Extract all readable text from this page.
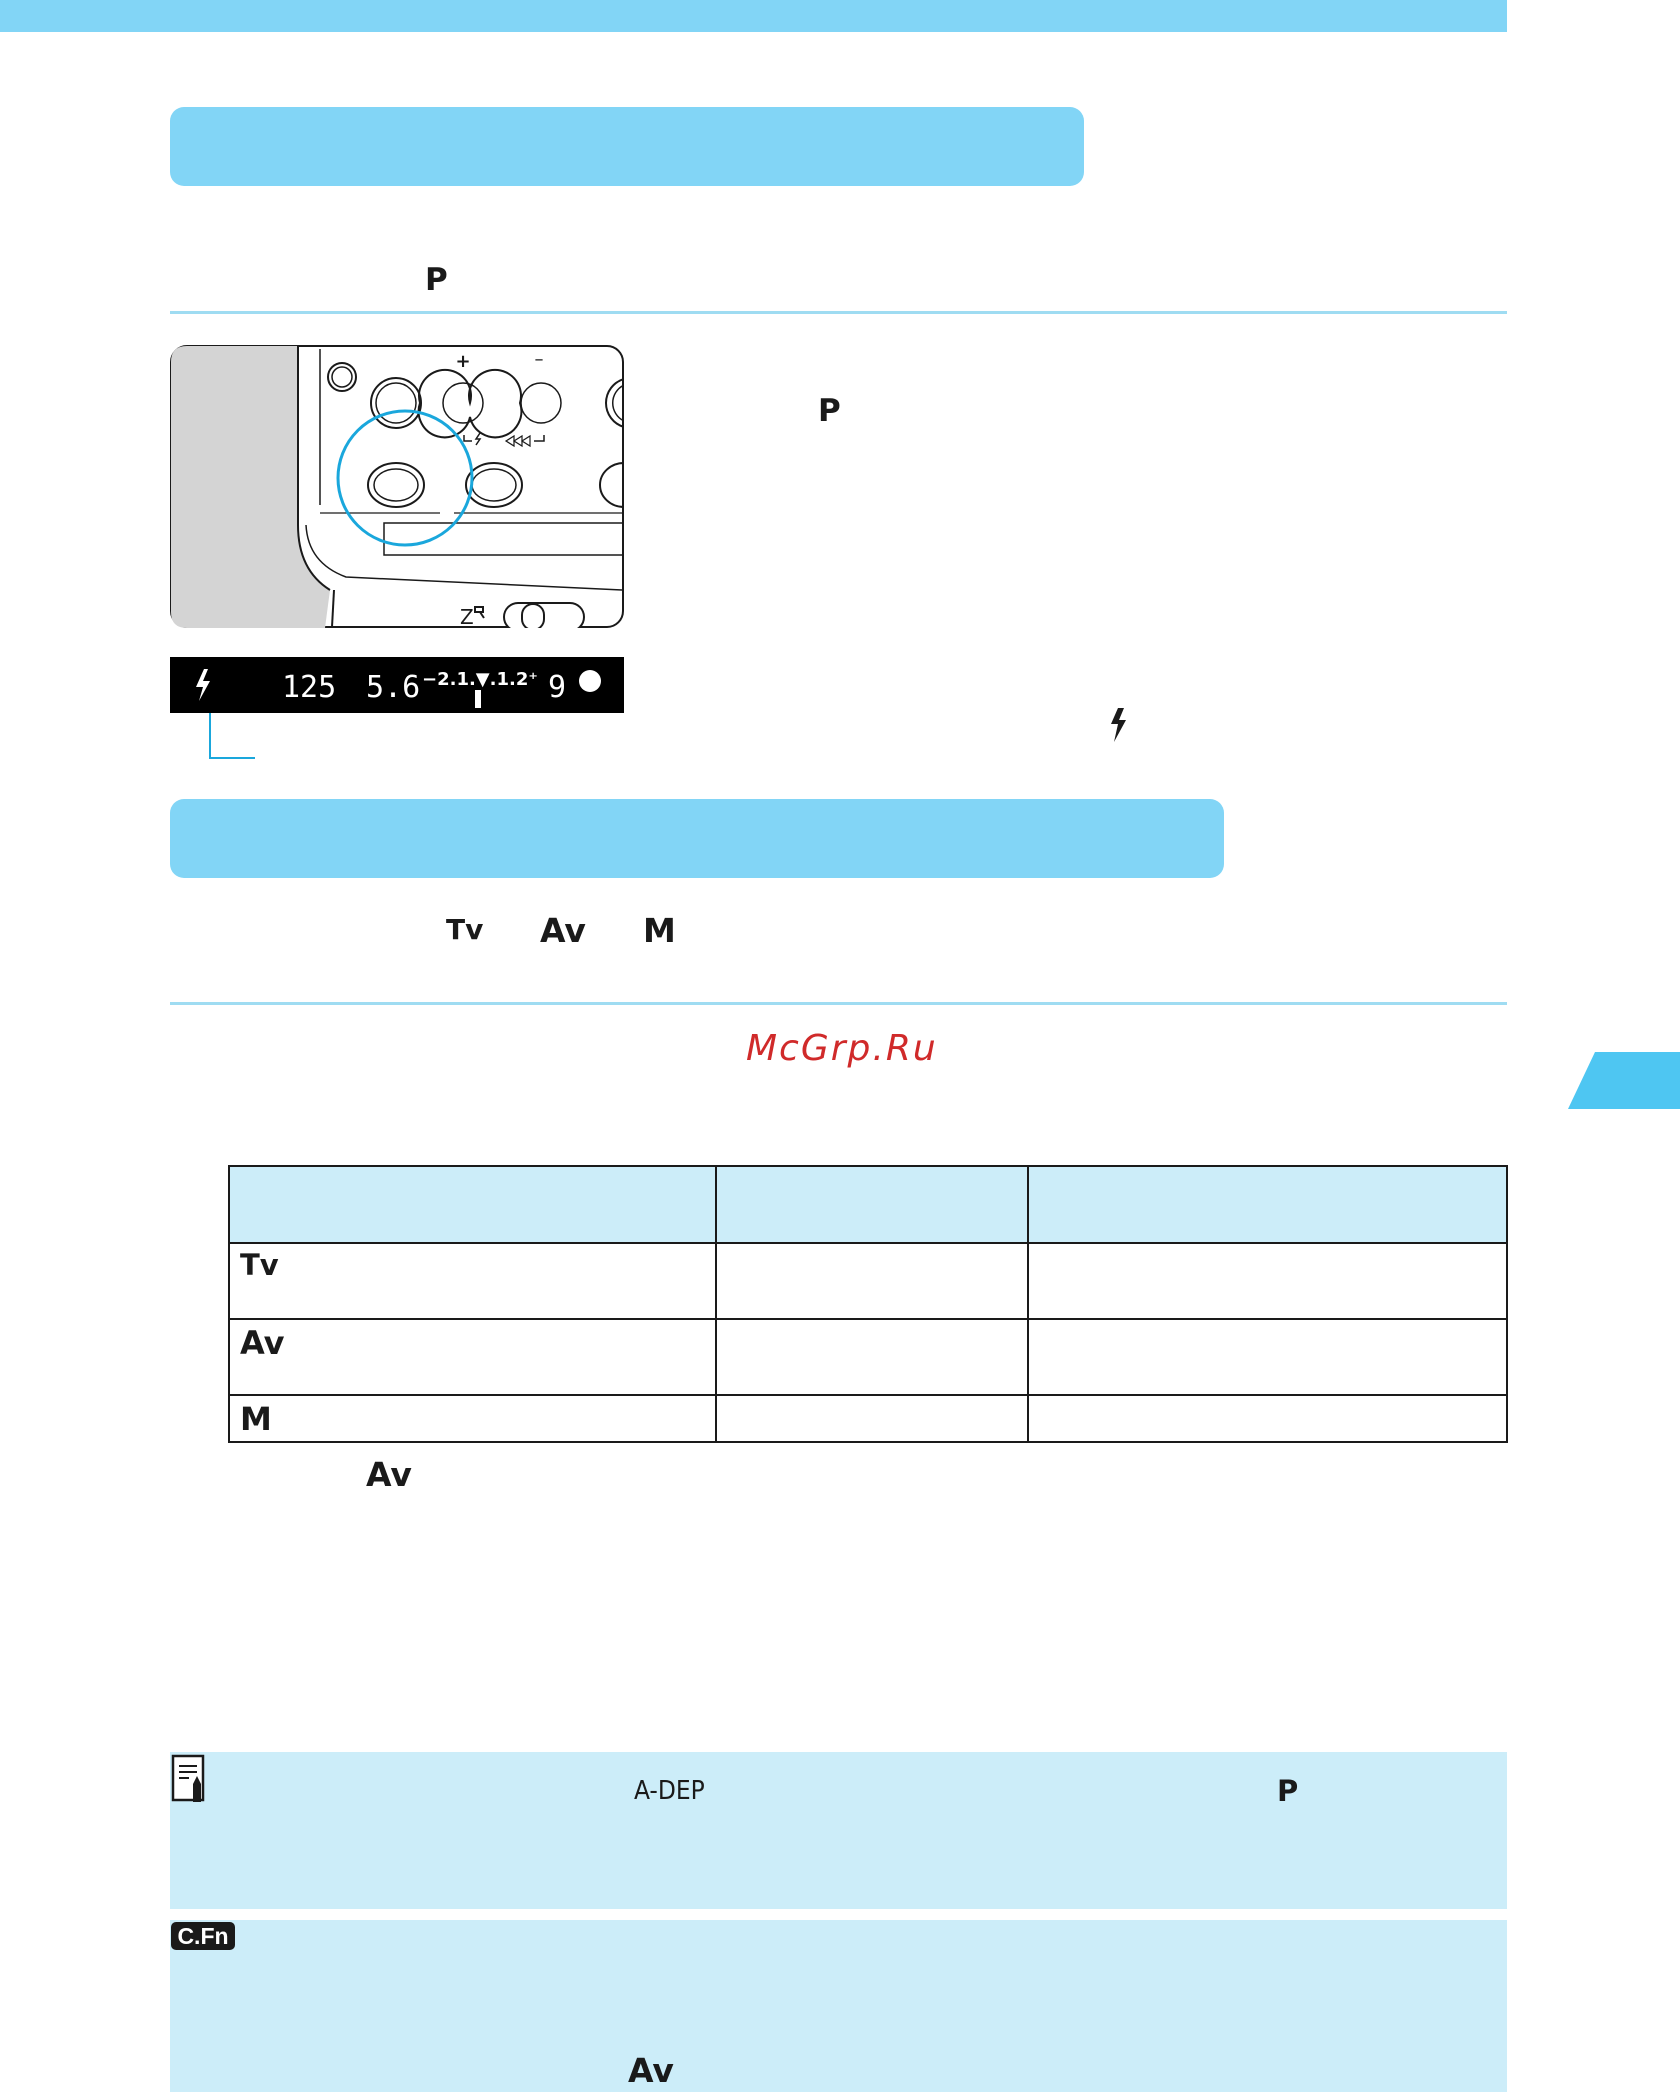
P
+	–
Z
125 5.6 −2.1.▼.1.2⁺ 9
P
Tv Av M
McGrp.Ru

Tv		
Av		
M		
Av
A-DEP	P
C.Fn
Av
